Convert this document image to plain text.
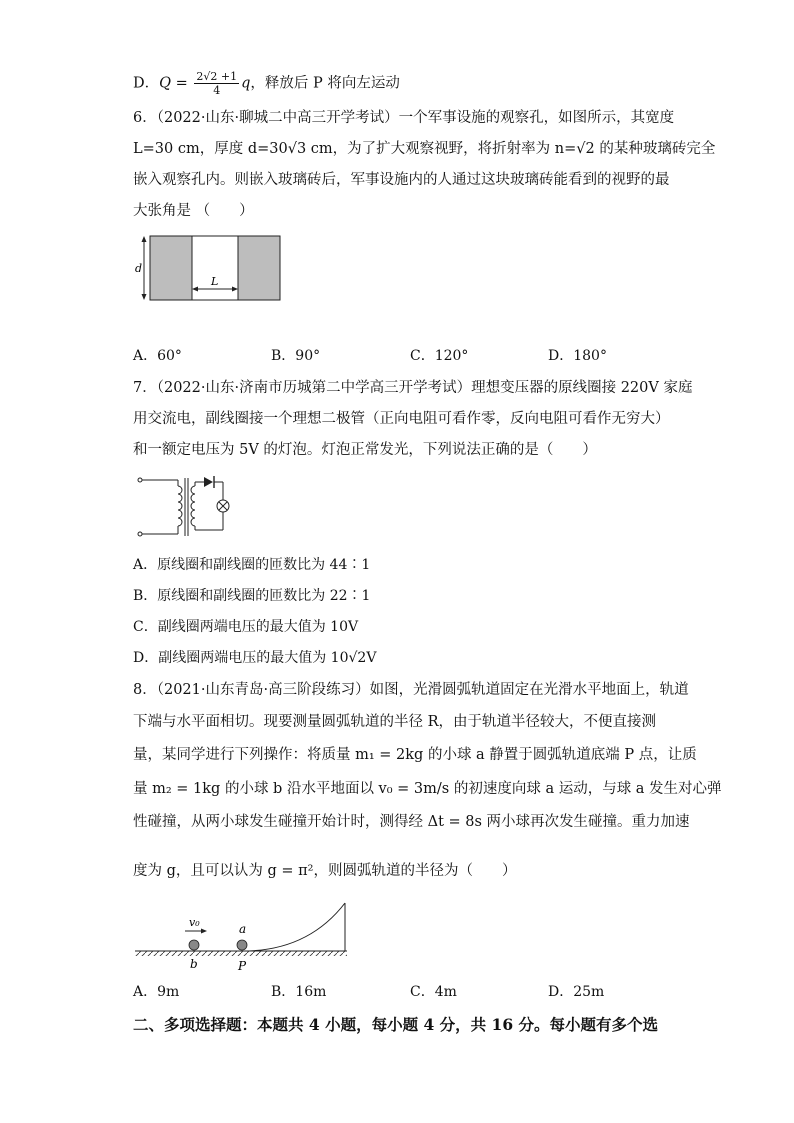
D．$Q = \frac{2√2 +1}{4}$ q，释放后 P 将向左运动
6．（2022·山东·聊城二中高三开学考试）一个军事设施的观察孔，如图所示，其宽度
L=30 cm，厚度 d=30√3 cm，为了扩大观察视野，将折射率为 n=√2 的某种玻璃砖完全
嵌入观察孔内。则嵌入玻璃砖后，军事设施内的人通过这块玻璃砖能看到的视野的最
大张角是 （　　）
d
L
A．60°	B．90°	C．120°	D．180°
7．（2022·山东·济南市历城第二中学高三开学考试）理想变压器的原线圈接 220V 家庭
用交流电，副线圈接一个理想二极管（正向电阻可看作零，反向电阻可看作无穷大）
和一额定电压为 5V 的灯泡。灯泡正常发光，下列说法正确的是（　　）
A．原线圈和副线圈的匝数比为 44∶1
B．原线圈和副线圈的匝数比为 22∶1
C．副线圈两端电压的最大值为 10V
D．副线圈两端电压的最大值为 10√2V
8．（2021·山东青岛·高三阶段练习）如图，光滑圆弧轨道固定在光滑水平地面上，轨道
下端与水平面相切。现要测量圆弧轨道的半径 R，由于轨道半径较大，不便直接测
量，某同学进行下列操作：将质量 m₁ = 2kg 的小球 a 静置于圆弧轨道底端 P 点，让质
量 m₂ = 1kg 的小球 b 沿水平地面以 v₀ = 3m/s 的初速度向球 a 运动，与球 a 发生对心弹
性碰撞，从两小球发生碰撞开始计时，测得经 Δt = 8s 两小球再次发生碰撞。重力加速
度为 g，且可以认为 g = π²，则圆弧轨道的半径为（　　）
v₀	a
b	P
A．9m	B．16m	C．4m	D．25m
二、多项选择题：本题共 4 小题，每小题 4 分，共 16 分。每小题有多个选
